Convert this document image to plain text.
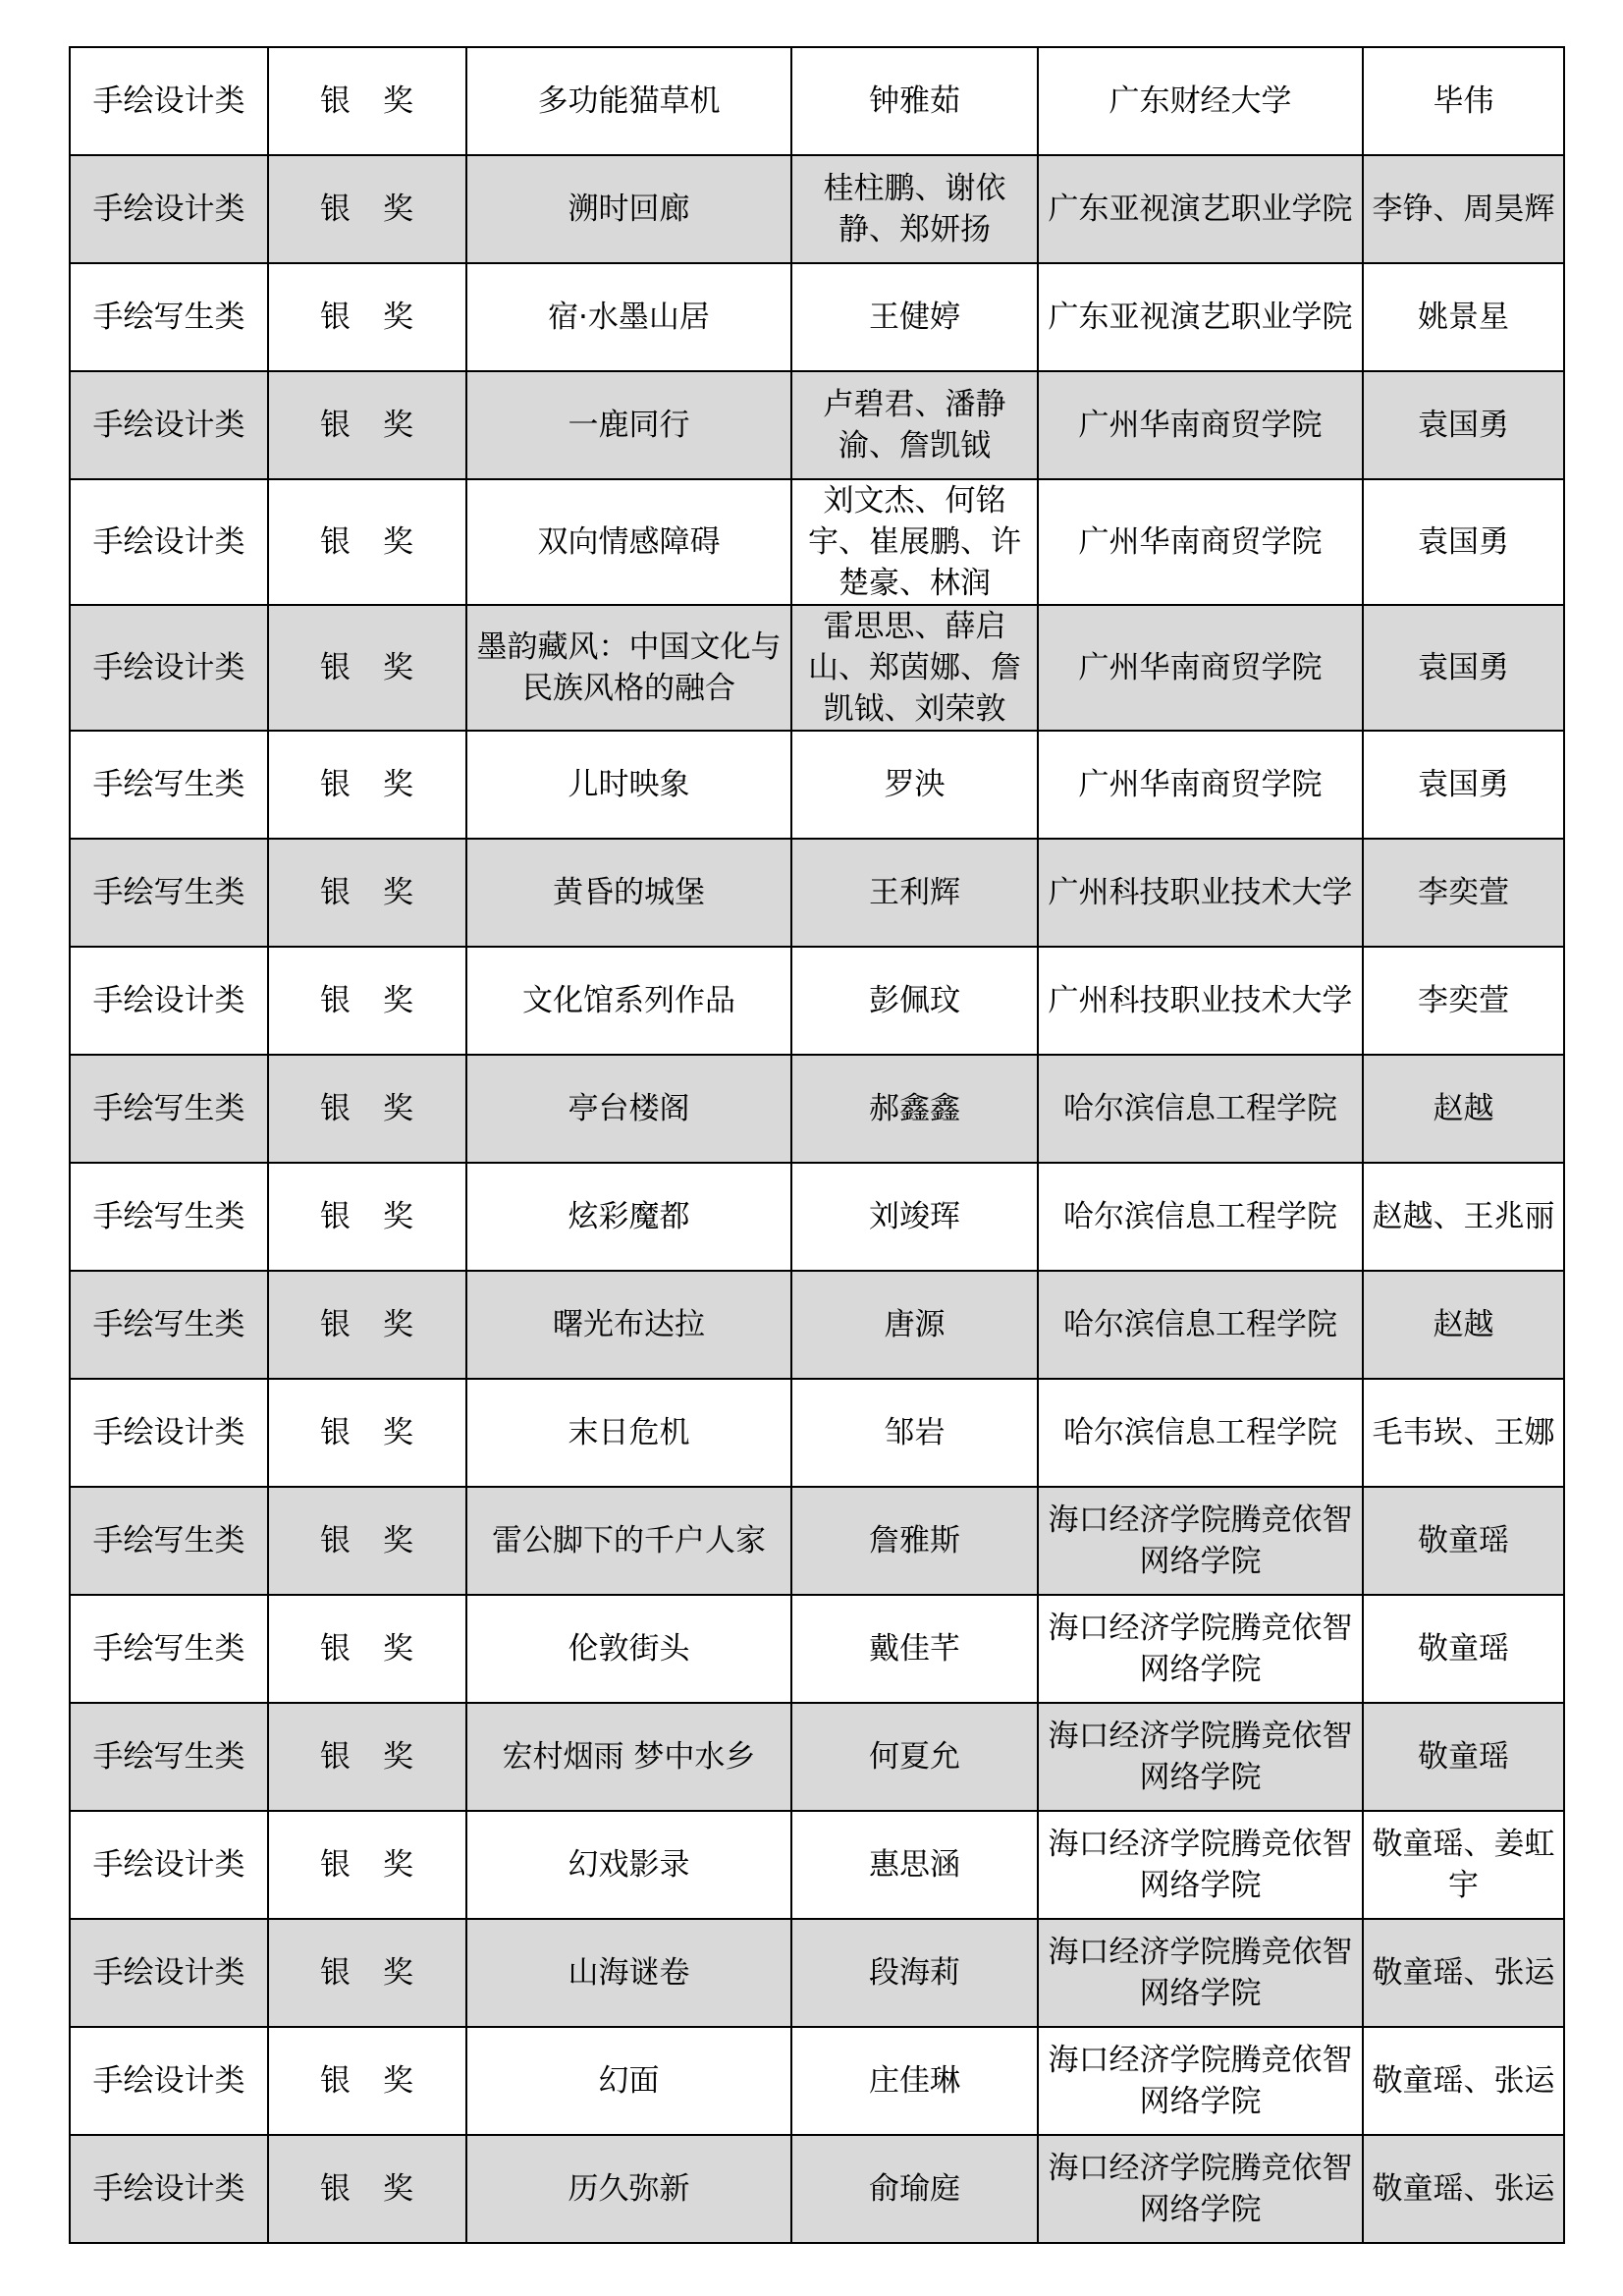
手绘设计类	银　奖	多功能猫草机	钟雅茹	广东财经大学	毕伟
手绘设计类	银　奖	溯时回廊	桂柱鹏、谢依静、郑妍扬	广东亚视演艺职业学院	李铮、周昊辉
手绘写生类	银　奖	宿·水墨山居	王健婷	广东亚视演艺职业学院	姚景星
手绘设计类	银　奖	一鹿同行	卢碧君、潘静渝、詹凯钺	广州华南商贸学院	袁国勇
手绘设计类	银　奖	双向情感障碍	刘文杰、何铭宇、崔展鹏、许楚豪、林润	广州华南商贸学院	袁国勇
手绘设计类	银　奖	墨韵藏风：中国文化与民族风格的融合	雷思思、薛启山、郑茵娜、詹凯钺、刘荣敦	广州华南商贸学院	袁国勇
手绘写生类	银　奖	儿时映象	罗泱	广州华南商贸学院	袁国勇
手绘写生类	银　奖	黄昏的城堡	王利辉	广州科技职业技术大学	李奕萱
手绘设计类	银　奖	文化馆系列作品	彭佩玟	广州科技职业技术大学	李奕萱
手绘写生类	银　奖	亭台楼阁	郝鑫鑫	哈尔滨信息工程学院	赵越
手绘写生类	银　奖	炫彩魔都	刘竣珲	哈尔滨信息工程学院	赵越、王兆丽
手绘写生类	银　奖	曙光布达拉	唐源	哈尔滨信息工程学院	赵越
手绘设计类	银　奖	末日危机	邹岩	哈尔滨信息工程学院	毛韦崁、王娜
手绘写生类	银　奖	雷公脚下的千户人家	詹雅斯	海口经济学院腾竞依智网络学院	敬童瑶
手绘写生类	银　奖	伦敦街头	戴佳芊	海口经济学院腾竞依智网络学院	敬童瑶
手绘写生类	银　奖	宏村烟雨 梦中水乡	何夏允	海口经济学院腾竞依智网络学院	敬童瑶
手绘设计类	银　奖	幻戏影录	惠思涵	海口经济学院腾竞依智网络学院	敬童瑶、姜虹宇
手绘设计类	银　奖	山海谜卷	段海莉	海口经济学院腾竞依智网络学院	敬童瑶、张运
手绘设计类	银　奖	幻面	庄佳琳	海口经济学院腾竞依智网络学院	敬童瑶、张运
手绘设计类	银　奖	历久弥新	俞瑜庭	海口经济学院腾竞依智网络学院	敬童瑶、张运
